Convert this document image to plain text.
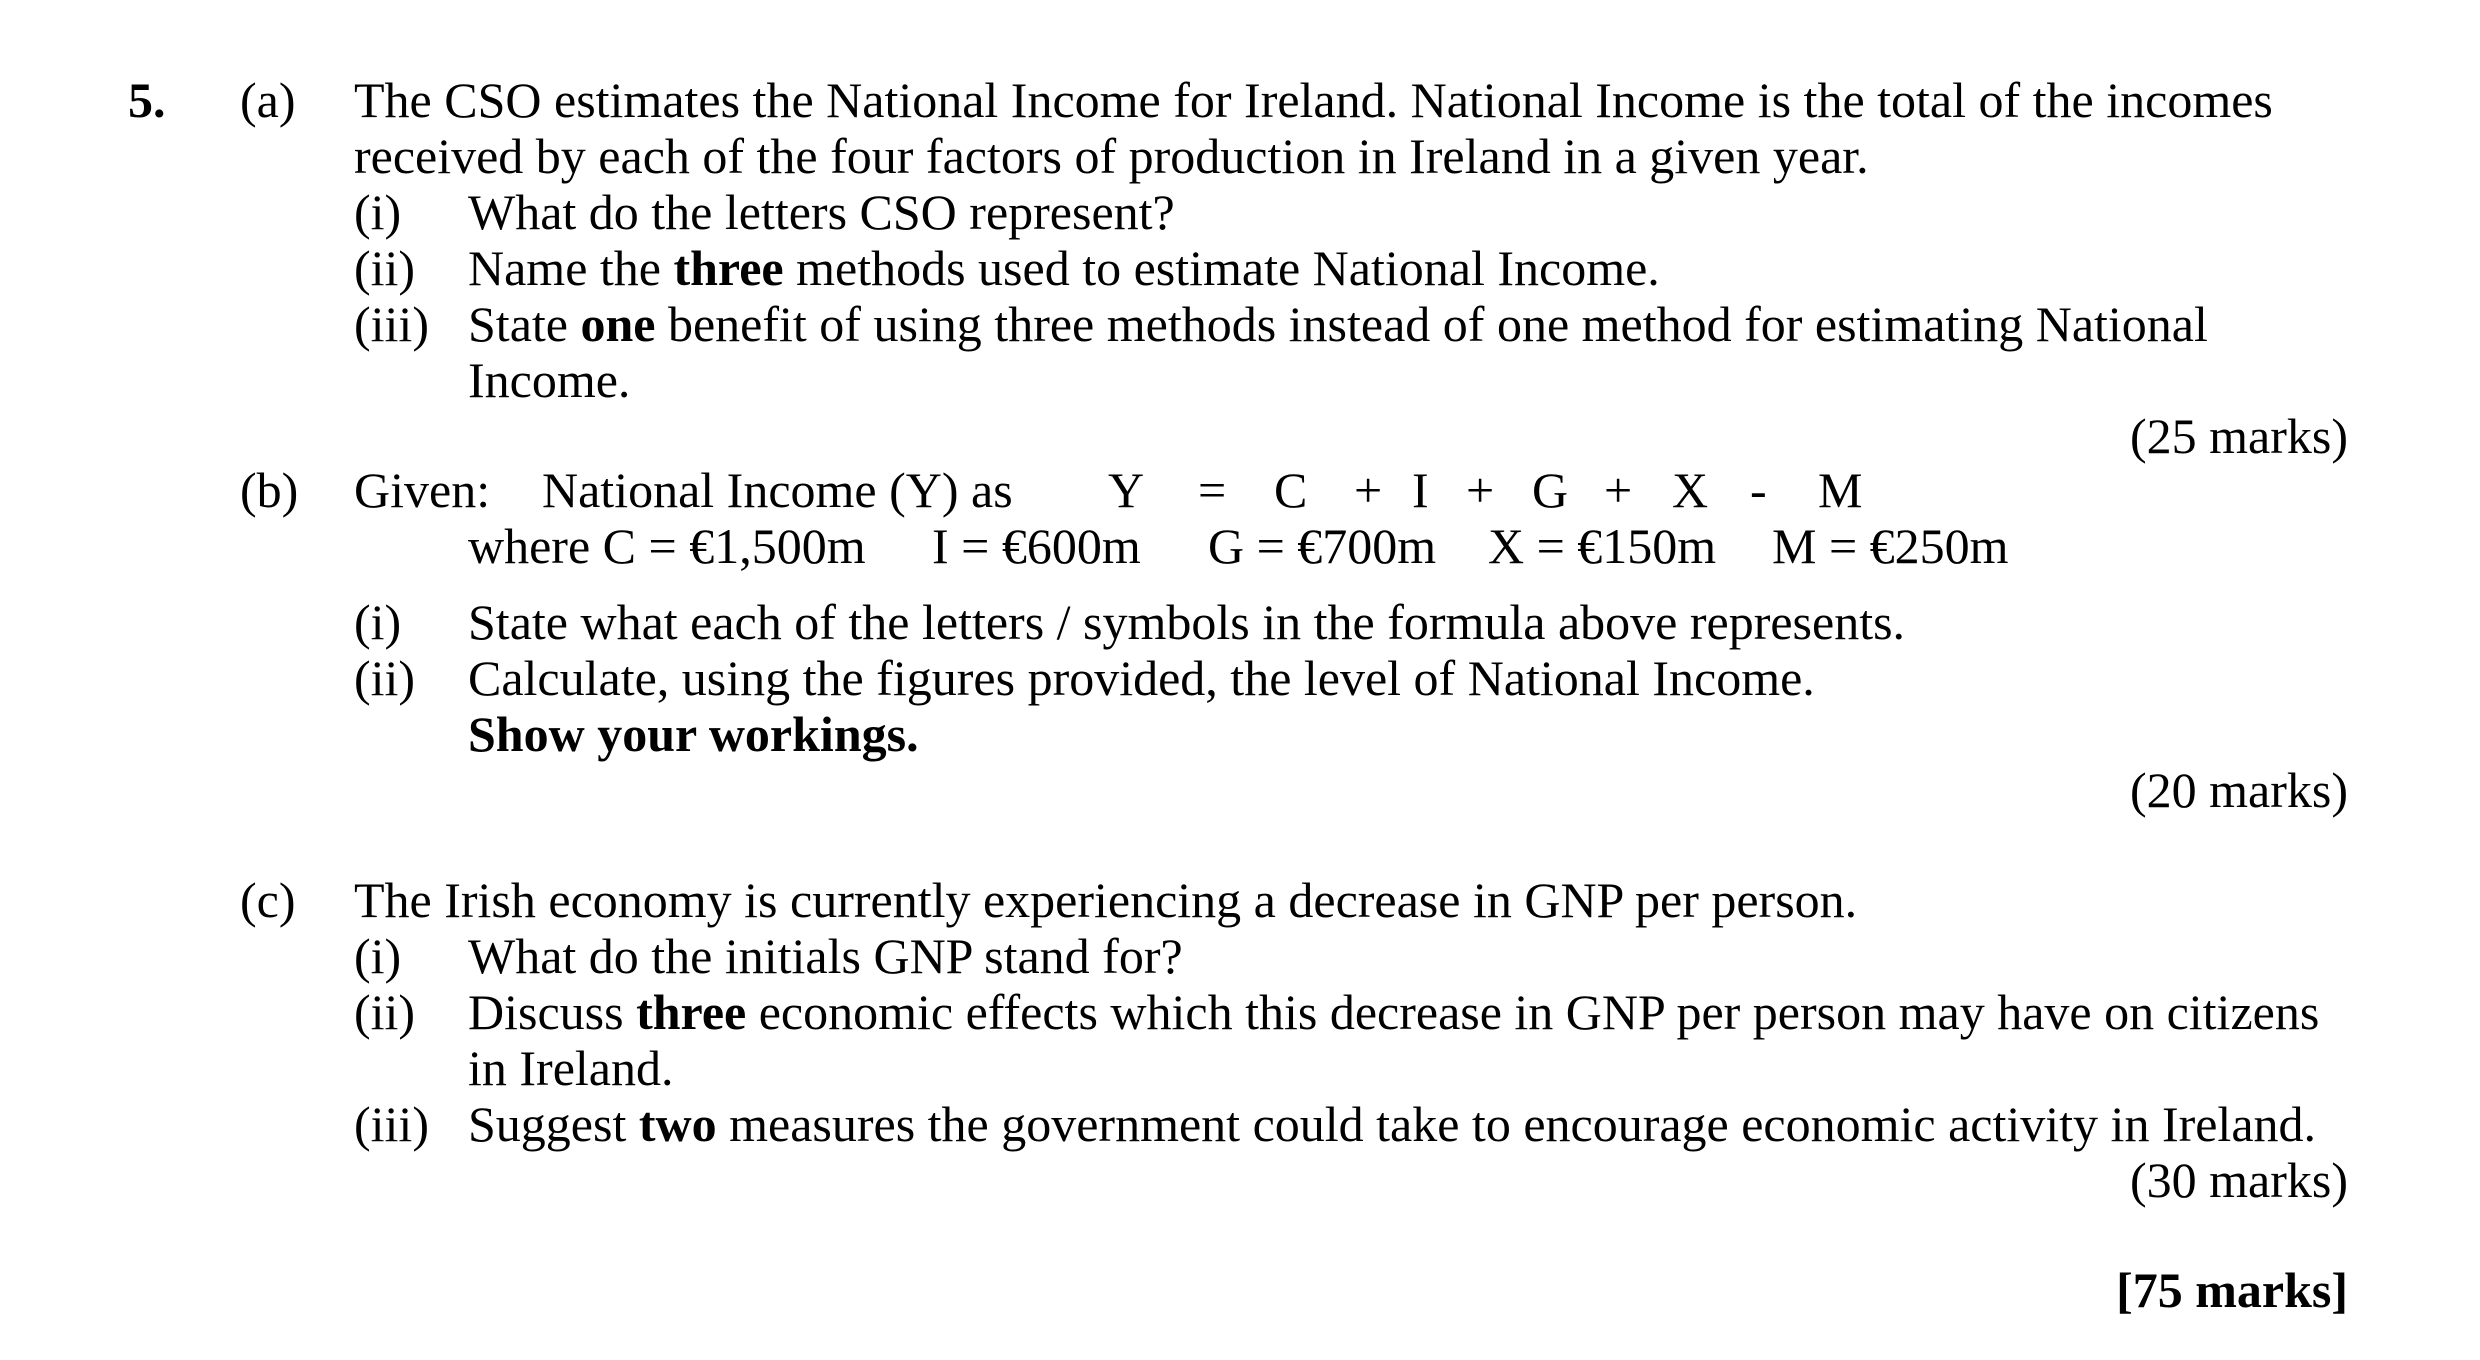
5. (a) The CSO estimates the National Income for Ireland. National Income is the total of the incomes
received by each of the four factors of production in Ireland in a given year.
(i) What do the letters CSO represent?
(ii) Name the three methods used to estimate National Income.
(iii) State one benefit of using three methods instead of one method for estimating National
Income.
(25 marks)
(b) Given: National Income (Y) as Y = C + I + G + X - M
where C = €1,500m I = €600m G = €700m X = €150m M = €250m
(i) State what each of the letters / symbols in the formula above represents.
(ii) Calculate, using the figures provided, the level of National Income.
Show your workings.
(20 marks)
(c) The Irish economy is currently experiencing a decrease in GNP per person.
(i) What do the initials GNP stand for?
(ii) Discuss three economic effects which this decrease in GNP per person may have on citizens
in Ireland.
(iii) Suggest two measures the government could take to encourage economic activity in Ireland.
(30 marks)
[75 marks]
